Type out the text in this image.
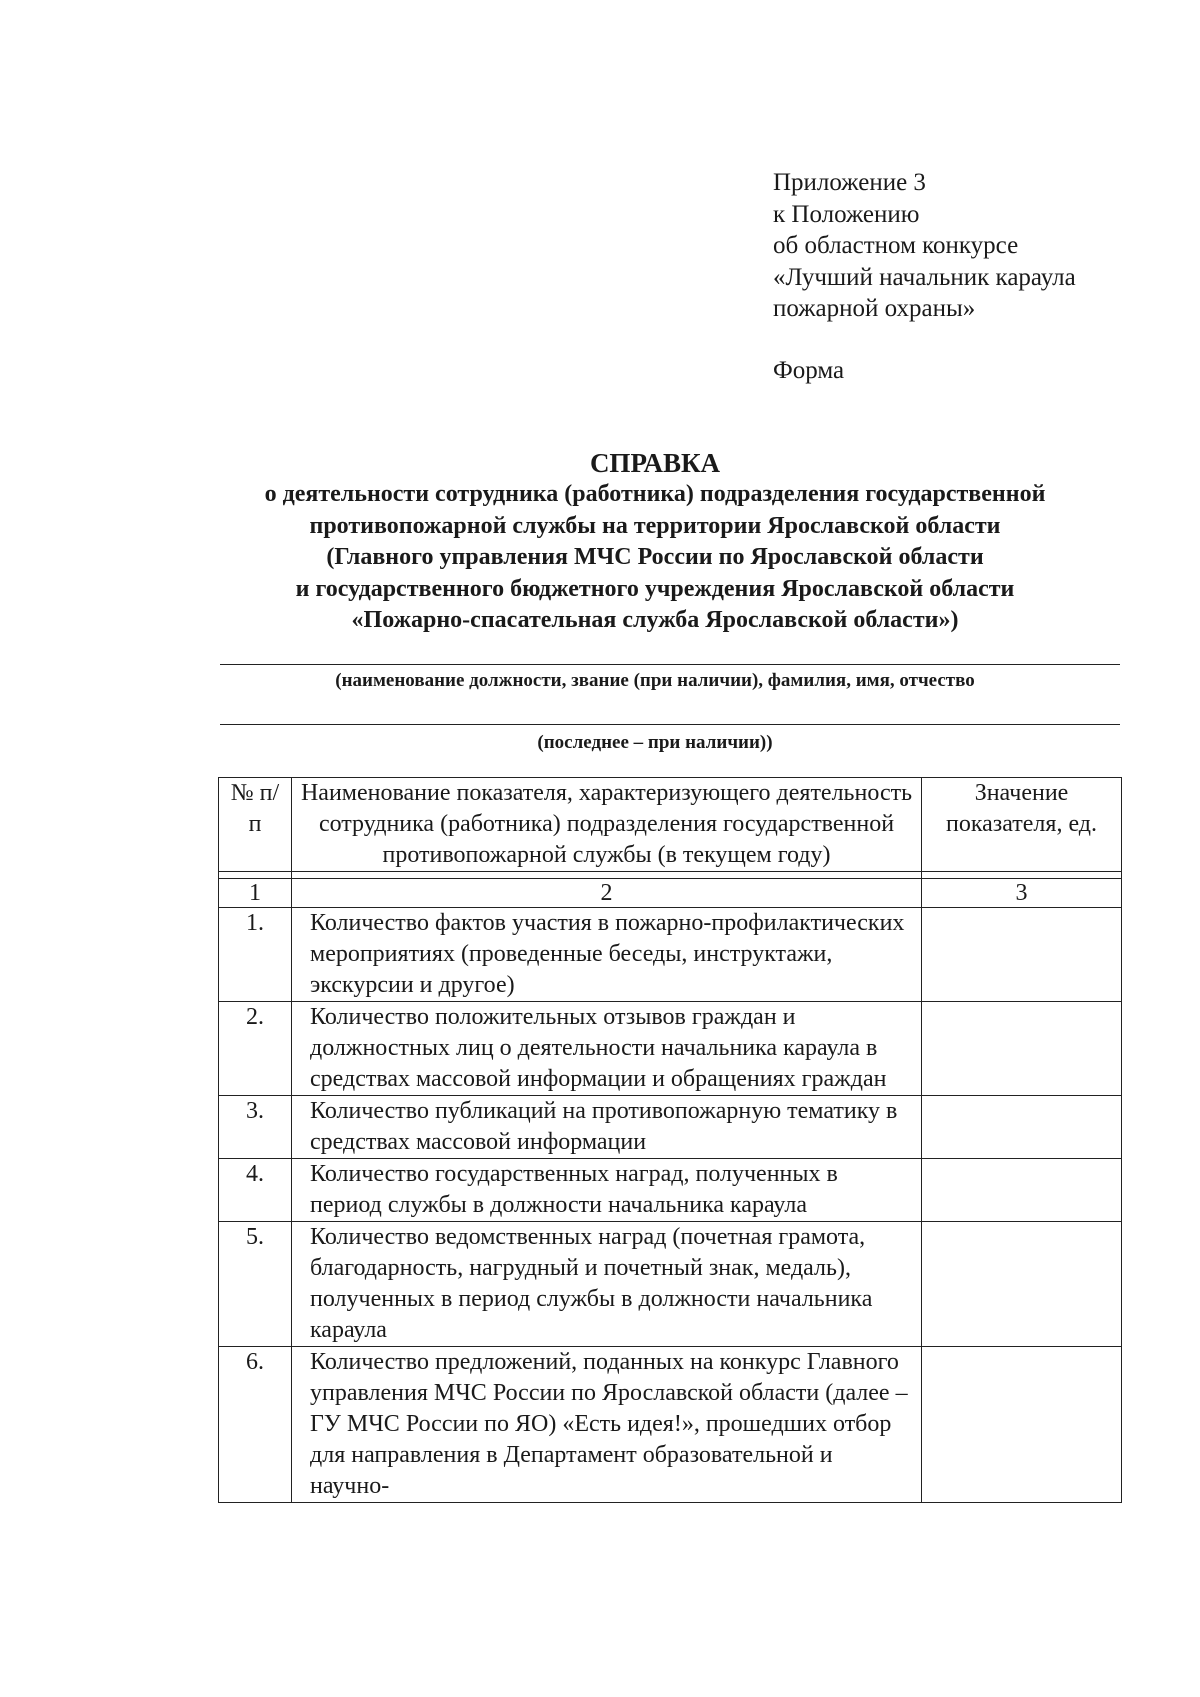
Приложение 3
к Положению
об областном конкурсе
«Лучший начальник караула
пожарной охраны»
Форма
СПРАВКА
о деятельности сотрудника (работника) подразделения государственной
противопожарной службы на территории Ярославской области
(Главного управления МЧС России по Ярославской области
и государственного бюджетного учреждения Ярославской области
«Пожарно-спасательная служба Ярославской области»)
(наименование должности, звание (при наличии), фамилия, имя, отчество
(последнее – при наличии))
№ п/п	Наименование показателя, характеризующего деятельность сотрудника (работника) подразделения государственной противопожарной службы (в текущем году)	Значение показателя, ед.

1	2	3
1.	Количество фактов участия в пожарно-профилактических мероприятиях (проведенные беседы, инструктажи, экскурсии и другое)	
2.	Количество положительных отзывов граждан и должностных лиц о деятельности начальника караула в средствах массовой информации и обращениях граждан	
3.	Количество публикаций на противопожарную тематику в средствах массовой информации	
4.	Количество государственных наград, полученных в период службы в должности начальника караула	
5.	Количество ведомственных наград (почетная грамота, благодарность, нагрудный и почетный знак, медаль), полученных в период службы в должности начальника караула	
6.	Количество предложений, поданных на конкурс Главного управления МЧС России по Ярославской области (далее – ГУ МЧС России по ЯО) «Есть идея!», прошедших отбор для направления в Департамент образовательной и научно-	
